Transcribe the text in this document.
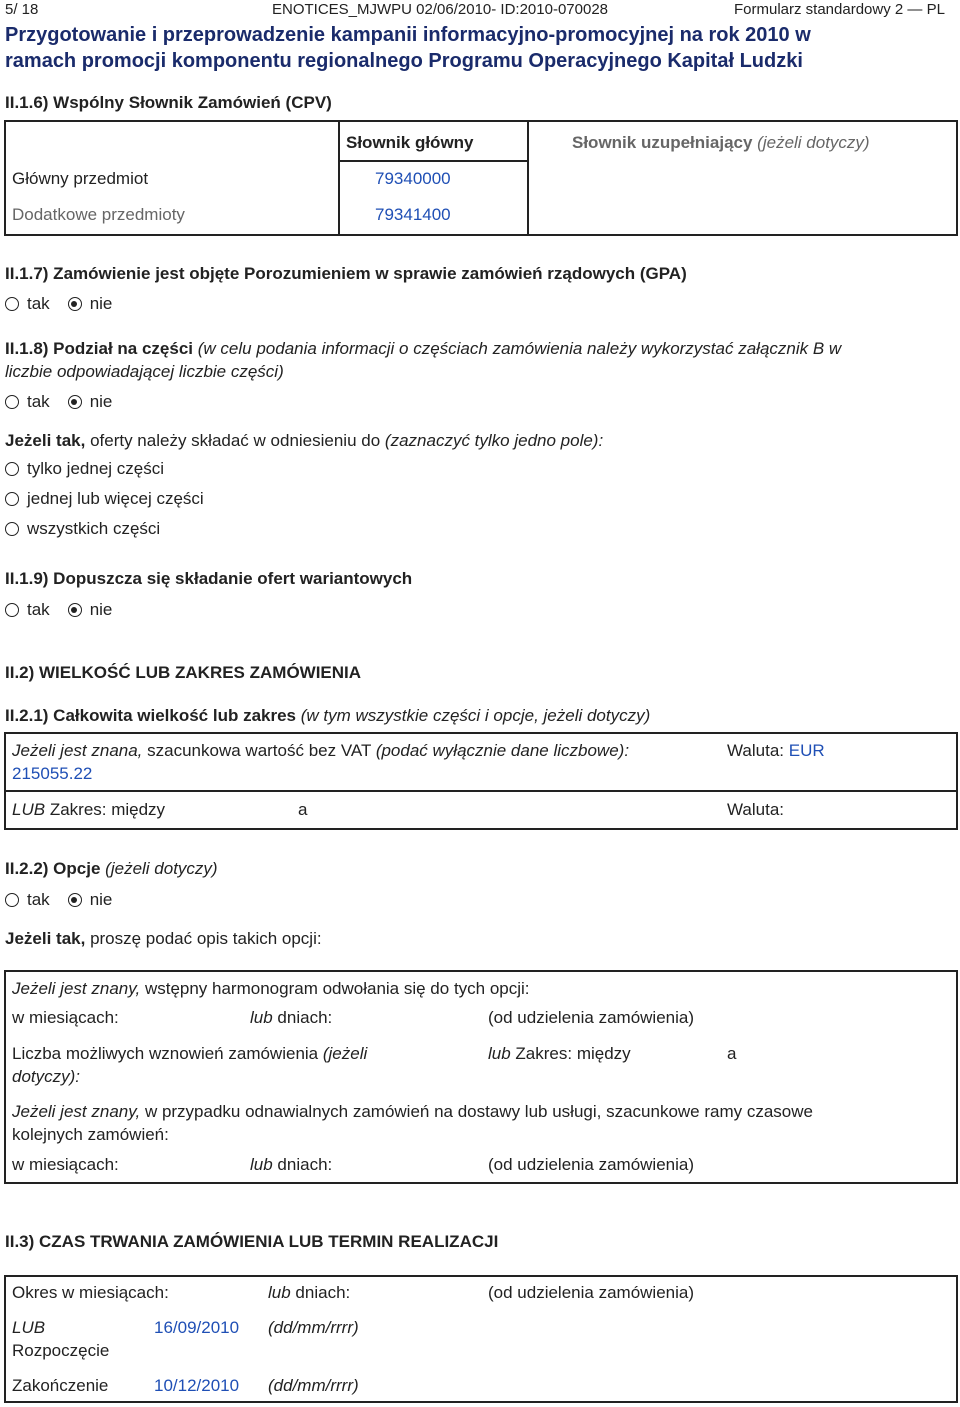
5/ 18	ENOTICES_MJWPU 02/06/2010- ID:2010-070028	Formularz standardowy 2 — PL
Przygotowanie i przeprowadzenie kampanii informacyjno-promocyjnej na rok 2010 w
ramach promocji komponentu regionalnego Programu Operacyjnego Kapitał Ludzki
II.1.6) Wspólny Słownik Zamówień (CPV)
Słownik główny	Słownik uzupełniający (jeżeli dotyczy)
Główny przedmiot	79340000
Dodatkowe przedmioty	79341400
II.1.7) Zamówienie jest objęte Porozumieniem w sprawie zamówień rządowych (GPA)
tak nie
II.1.8) Podział na części (w celu podania informacji o częściach zamówienia należy wykorzystać załącznik B w
liczbie odpowiadającej liczbie części)
tak nie
Jeżeli tak, oferty należy składać w odniesieniu do (zaznaczyć tylko jedno pole):
tylko jednej części
jednej lub więcej części
wszystkich części
II.1.9) Dopuszcza się składanie ofert wariantowych
tak nie
II.2) WIELKOŚĆ LUB ZAKRES ZAMÓWIENIA
II.2.1) Całkowita wielkość lub zakres (w tym wszystkie części i opcje, jeżeli dotyczy)
Jeżeli jest znana, szacunkowa wartość bez VAT (podać wyłącznie dane liczbowe):
215055.22
Waluta: EUR
LUB Zakres: między	a	Waluta:
II.2.2) Opcje (jeżeli dotyczy)
tak nie
Jeżeli tak, proszę podać opis takich opcji:
Jeżeli jest znany, wstępny harmonogram odwołania się do tych opcji:
w miesiącach:	lub dniach:	(od udzielenia zamówienia)
Liczba możliwych wznowień zamówienia (jeżeli
dotyczy):
lub Zakres: między	a
Jeżeli jest znany, w przypadku odnawialnych zamówień na dostawy lub usługi, szacunkowe ramy czasowe
kolejnych zamówień:
w miesiącach:	lub dniach:	(od udzielenia zamówienia)
II.3) CZAS TRWANIA ZAMÓWIENIA LUB TERMIN REALIZACJI
Okres w miesiącach:	lub dniach:	(od udzielenia zamówienia)
LUB
Rozpoczęcie
16/09/2010 (dd/mm/rrrr)
Zakończenie	10/12/2010 (dd/mm/rrrr)
